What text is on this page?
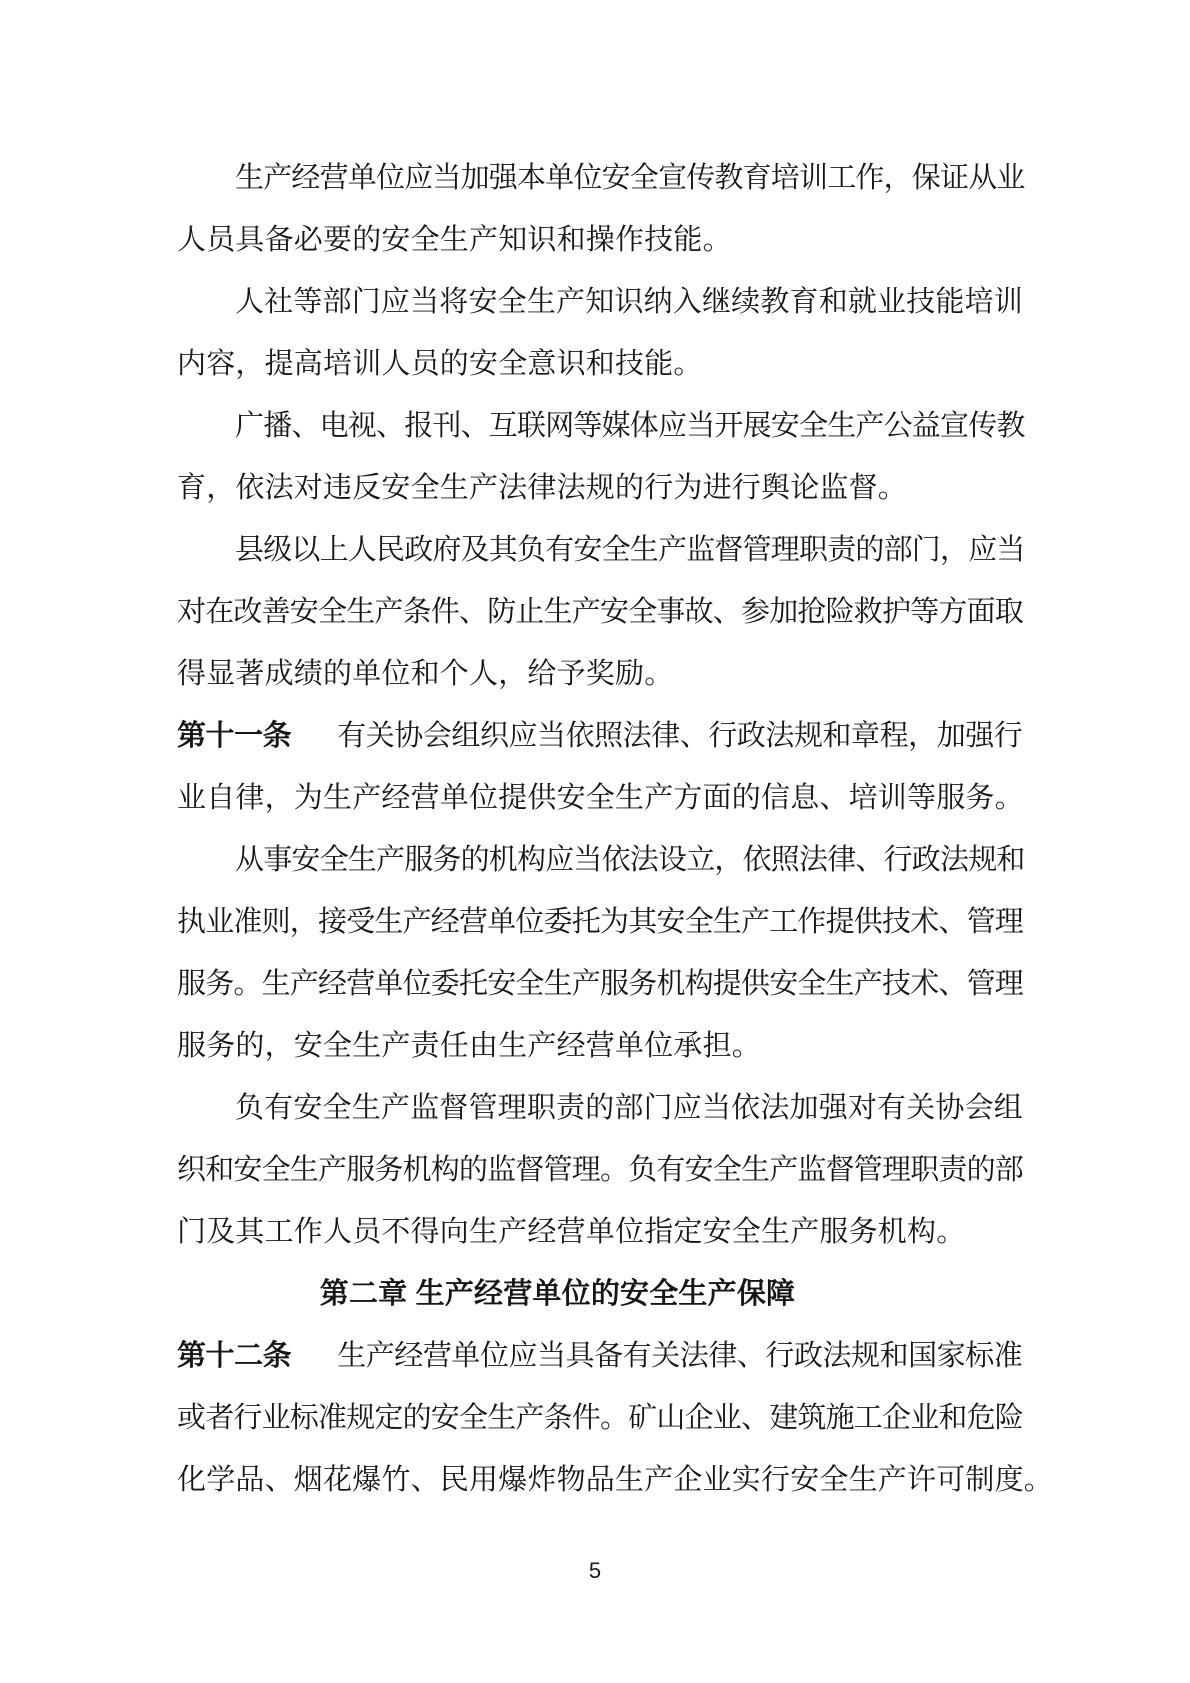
生产经营单位应当加强本单位安全宣传教育培训工作，保证从业
人员具备必要的安全生产知识和操作技能。
人社等部门应当将安全生产知识纳入继续教育和就业技能培训
内容，提高培训人员的安全意识和技能。
广播、电视、报刊、互联网等媒体应当开展安全生产公益宣传教
育，依法对违反安全生产法律法规的行为进行舆论监督。
县级以上人民政府及其负有安全生产监督管理职责的部门，应当
对在改善安全生产条件、防止生产安全事故、参加抢险救护等方面取
得显著成绩的单位和个人，给予奖励。
第十一条 有关协会组织应当依照法律、行政法规和章程，加强行
业自律，为生产经营单位提供安全生产方面的信息、培训等服务。
从事安全生产服务的机构应当依法设立，依照法律、行政法规和
执业准则，接受生产经营单位委托为其安全生产工作提供技术、管理
服务。生产经营单位委托安全生产服务机构提供安全生产技术、管理
服务的，安全生产责任由生产经营单位承担。
负有安全生产监督管理职责的部门应当依法加强对有关协会组
织和安全生产服务机构的监督管理。负有安全生产监督管理职责的部
门及其工作人员不得向生产经营单位指定安全生产服务机构。
第二章 生产经营单位的安全生产保障
第十二条 生产经营单位应当具备有关法律、行政法规和国家标准
或者行业标准规定的安全生产条件。矿山企业、建筑施工企业和危险
化学品、烟花爆竹、民用爆炸物品生产企业实行安全生产许可制度。
5
